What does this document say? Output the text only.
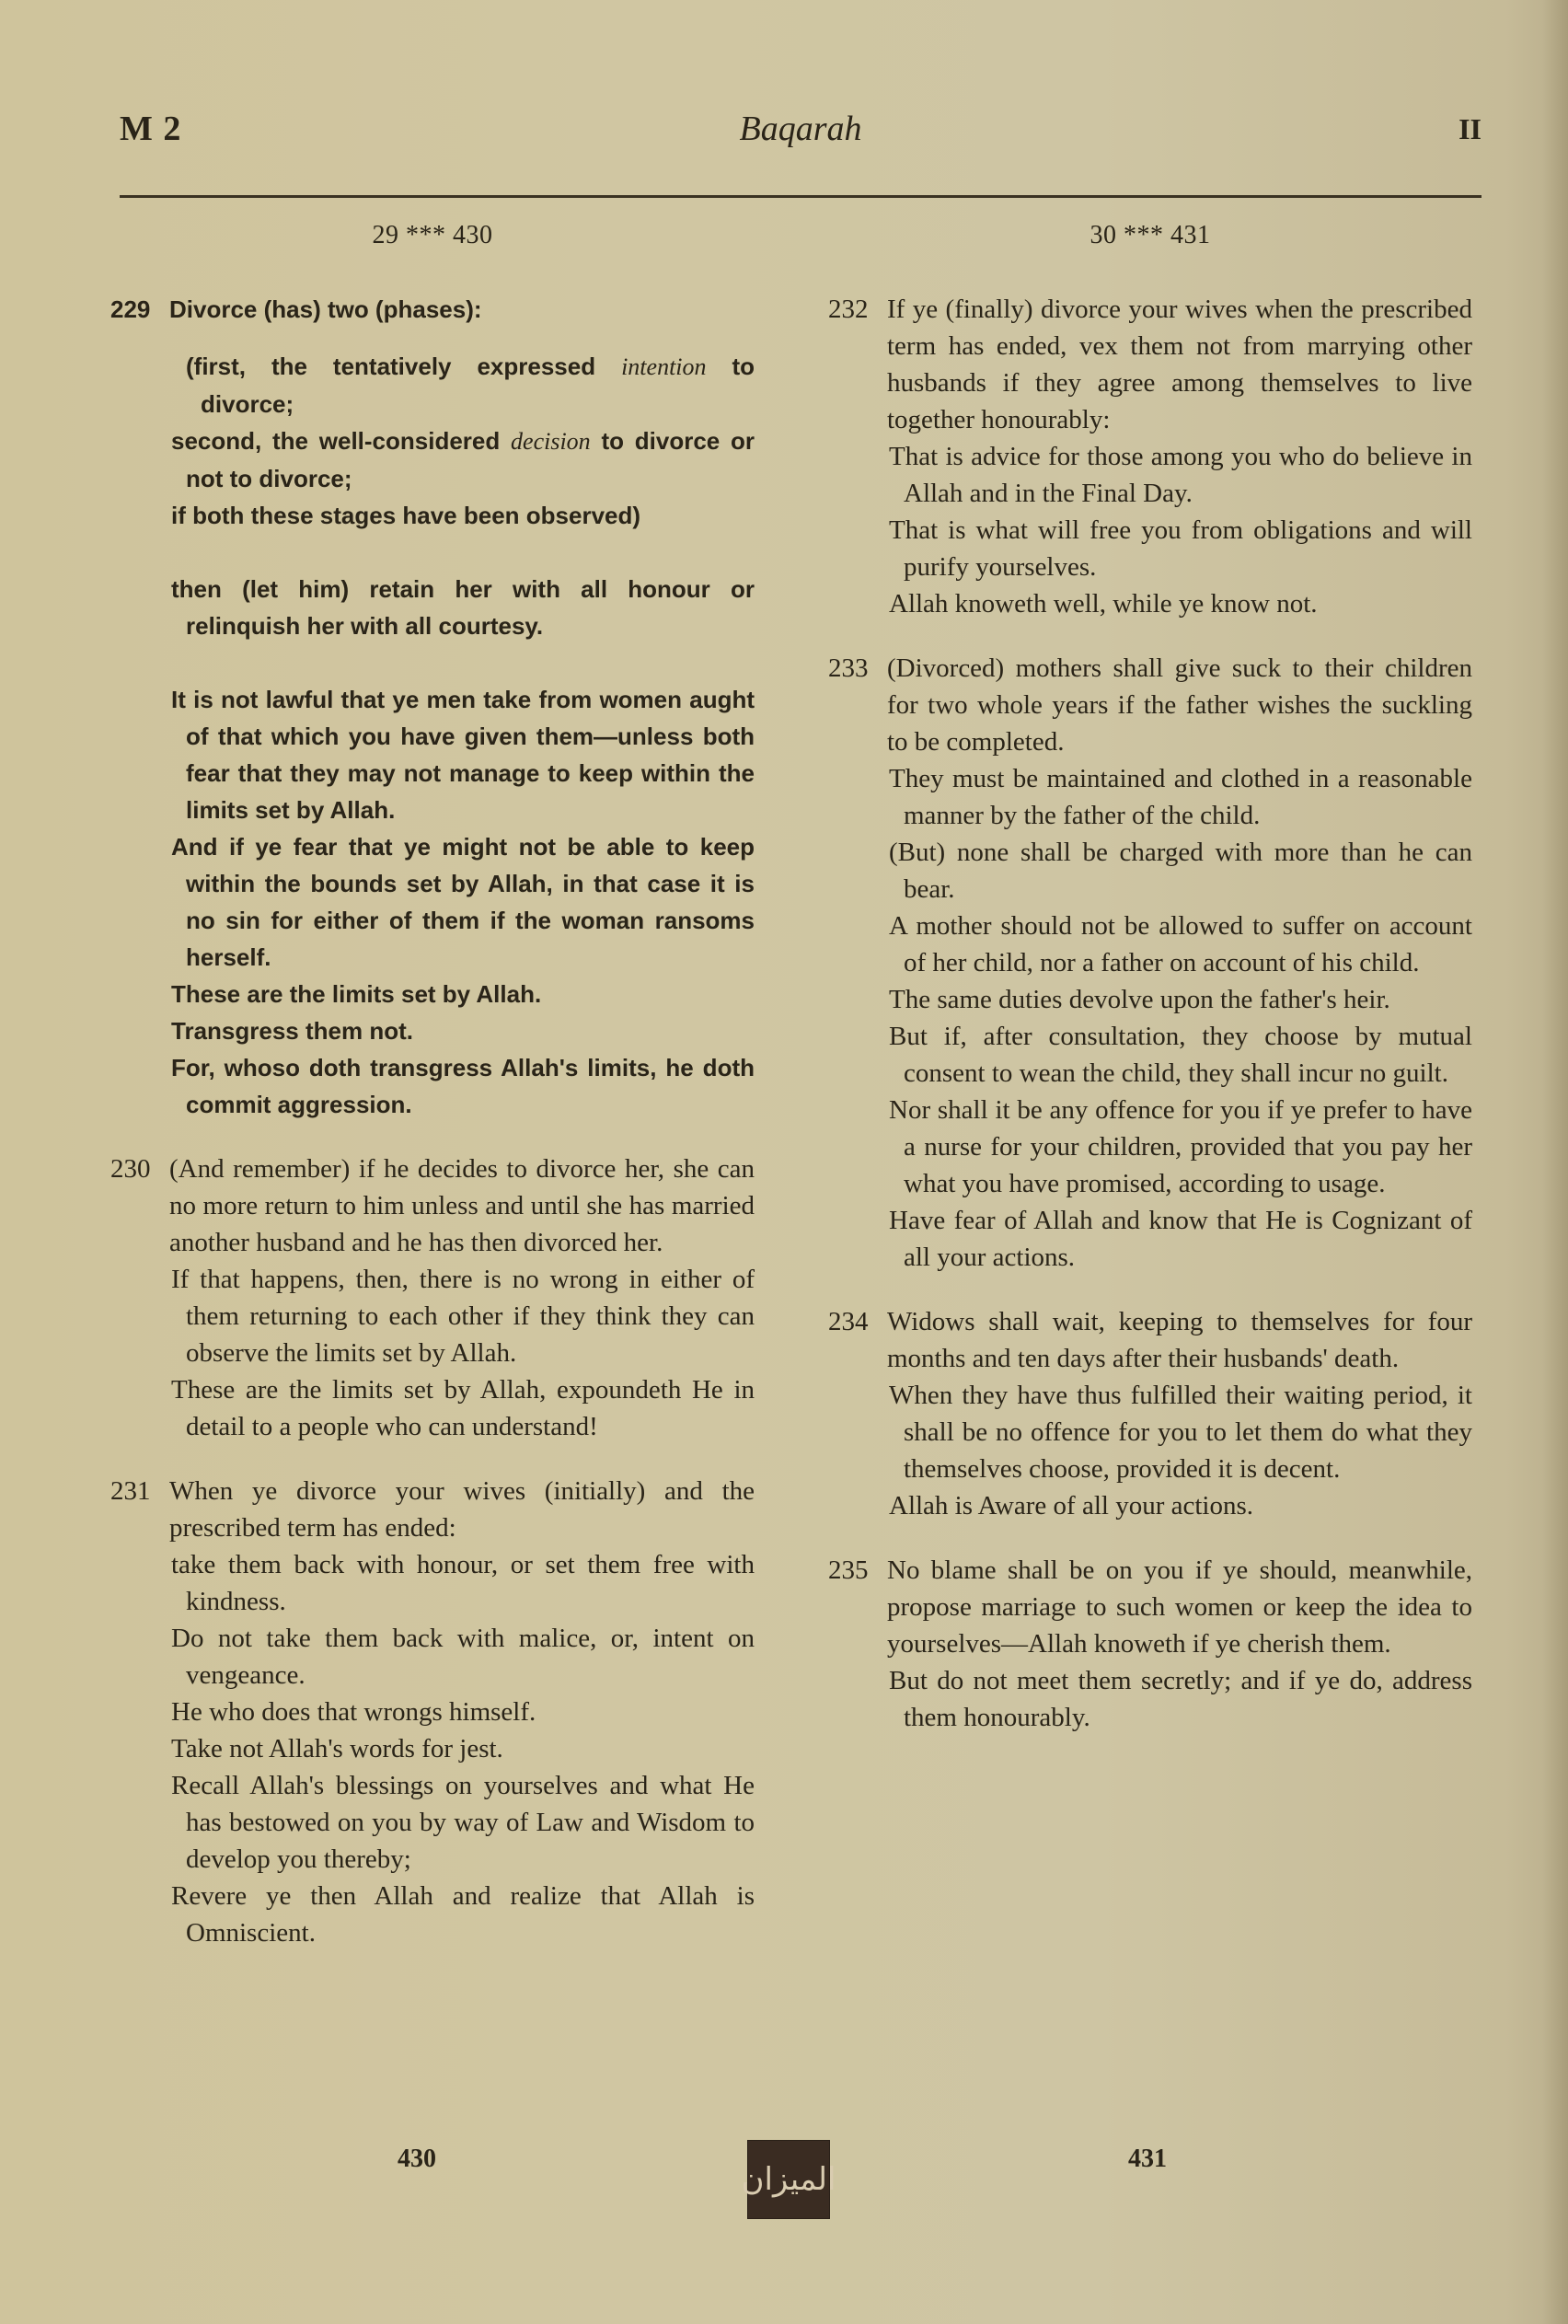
M 2	Baqarah	II
29 *** 430
229 Divorce (has) two (phases):
(first, the tentatively expressed intention to divorce;
second, the well-considered decision to divorce or not to divorce;
if both these stages have been observed)
then (let him) retain her with all honour or relinquish her with all courtesy.
It is not lawful that ye men take from women aught of that which you have given them—unless both fear that they may not manage to keep within the limits set by Allah.
And if ye fear that ye might not be able to keep within the bounds set by Allah, in that case it is no sin for either of them if the woman ransoms herself.
These are the limits set by Allah.
Transgress them not.
For, whoso doth transgress Allah's limits, he doth commit aggression.
230 (And remember) if he decides to divorce her, she can no more return to him unless and until she has married another husband and he has then divorced her.
If that happens, then, there is no wrong in either of them returning to each other if they think they can observe the limits set by Allah.
These are the limits set by Allah, expoundeth He in detail to a people who can understand!
231 When ye divorce your wives (initially) and the prescribed term has ended:
take them back with honour, or set them free with kindness.
Do not take them back with malice, or, intent on vengeance.
He who does that wrongs himself.
Take not Allah's words for jest.
Recall Allah's blessings on yourselves and what He has bestowed on you by way of Law and Wisdom to develop you thereby;
Revere ye then Allah and realize that Allah is Omniscient.
30 *** 431
232 If ye (finally) divorce your wives when the prescribed term has ended, vex them not from marrying other husbands if they agree among themselves to live together honourably:
That is advice for those among you who do believe in Allah and in the Final Day.
That is what will free you from obligations and will purify yourselves.
Allah knoweth well, while ye know not.
233 (Divorced) mothers shall give suck to their children for two whole years if the father wishes the suckling to be completed.
They must be maintained and clothed in a reasonable manner by the father of the child.
(But) none shall be charged with more than he can bear.
A mother should not be allowed to suffer on account of her child, nor a father on account of his child.
The same duties devolve upon the father's heir.
But if, after consultation, they choose by mutual consent to wean the child, they shall incur no guilt.
Nor shall it be any offence for you if ye prefer to have a nurse for your children, provided that you pay her what you have promised, according to usage.
Have fear of Allah and know that He is Cognizant of all your actions.
234 Widows shall wait, keeping to themselves for four months and ten days after their husbands' death.
When they have thus fulfilled their waiting period, it shall be no offence for you to let them do what they themselves choose, provided it is decent.
Allah is Aware of all your actions.
235 No blame shall be on you if ye should, meanwhile, propose marriage to such women or keep the idea to yourselves—Allah knoweth if ye cherish them.
But do not meet them secretly; and if ye do, address them honourably.
430
الميزان
431
